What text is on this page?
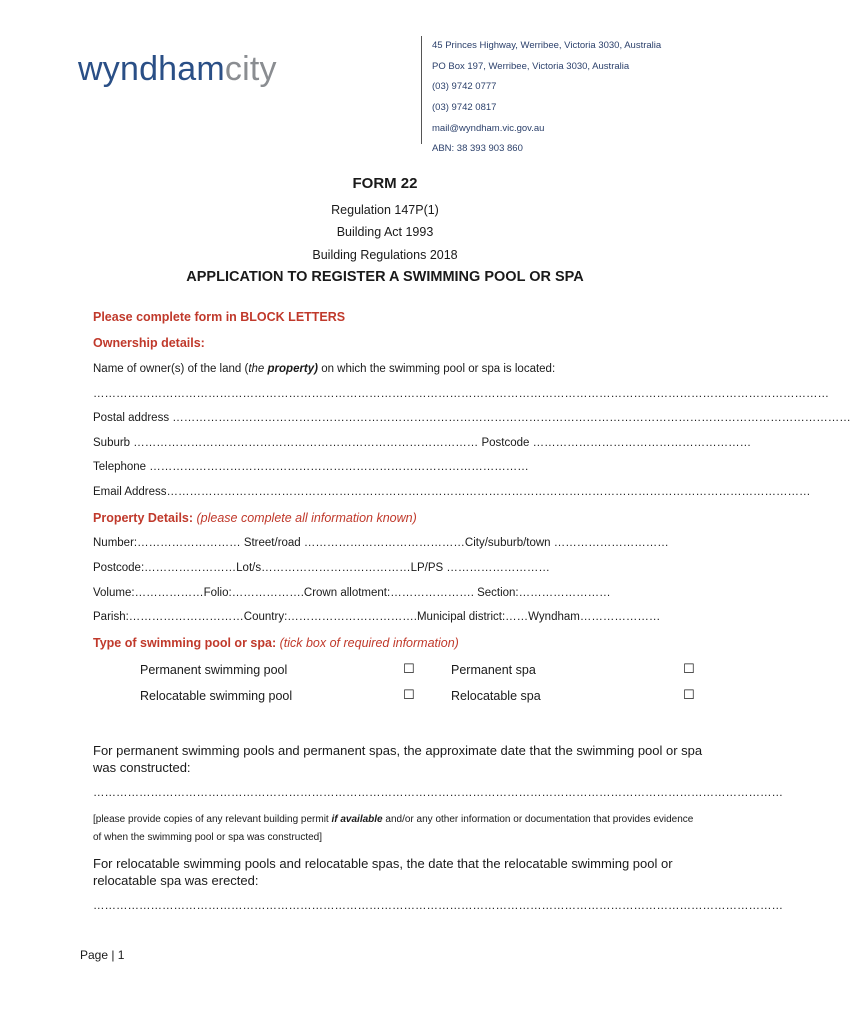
wyndhamcity
45 Princes Highway, Werribee, Victoria 3030, Australia
PO Box 197, Werribee, Victoria 3030, Australia
(03) 9742 0777
(03) 9742 0817
mail@wyndham.vic.gov.au
ABN: 38 393 903 860
FORM 22
Regulation 147P(1)
Building Act 1993
Building Regulations 2018
APPLICATION TO REGISTER A SWIMMING POOL OR SPA
Please complete form in BLOCK LETTERS
Ownership details:
Name of owner(s) of the land (the property) on which the swimming pool or spa is located:
…………………………………………………………………………………………………………………………………………………………………………
Postal address ……………………………………………………………………………………………………………………………………………………………
Suburb ……………………………………………………………………………… Postcode …………………………………………………
Telephone ………………………………………………………………………………………
Email Address……………………………………………………………………………………………………………………………………………………
Property Details: (please complete all information known)
Number:……………………… Street/road ……………………………………City/suburb/town …………………………
Postcode:……………………Lot/s…………………………………LP/PS ………………………
Volume:………………Folio:……………….Crown allotment:…………………. Section:……………………
Parish:…………………………Country:…………………………….Municipal district:……Wyndham…………………
Type of swimming pool or spa: (tick box of required information)
Permanent swimming pool	☐	Permanent spa	☐
Relocatable swimming pool	☐	Relocatable spa	☐
For permanent swimming pools and permanent spas, the approximate date that the swimming pool or spa was constructed:
………………………………………………………………………………………………………………………………………………………………
[please provide copies of any relevant building permit if available and/or any other information or documentation that provides evidence of when the swimming pool or spa was constructed]
For relocatable swimming pools and relocatable spas, the date that the relocatable swimming pool or relocatable spa was erected:
………………………………………………………………………………………………………………………………………………………………
Page | 1
